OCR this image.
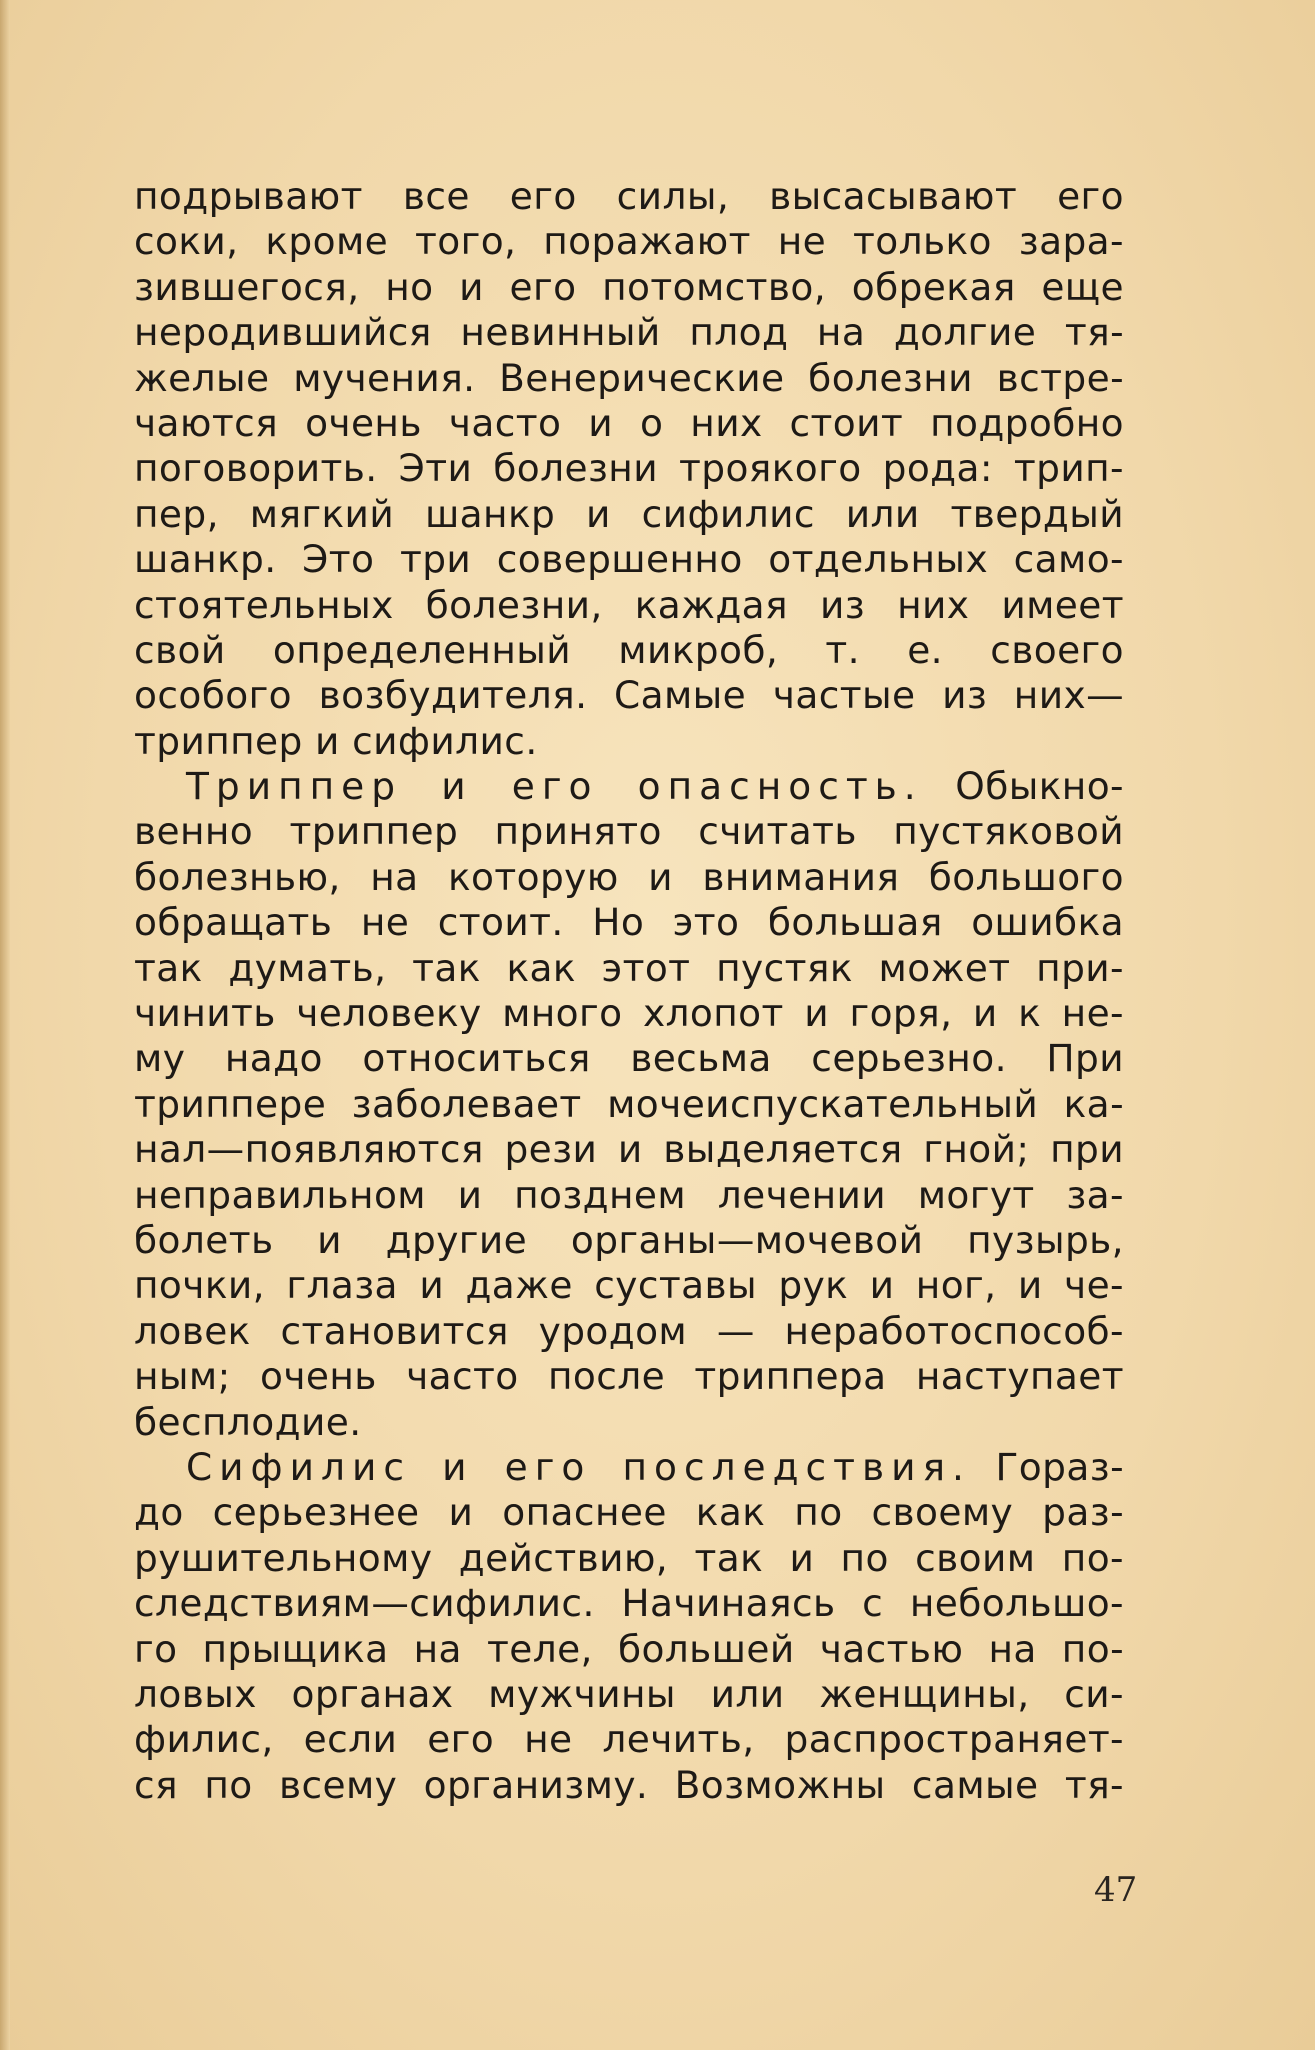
подрывают все его силы, высасывают его
соки, кроме того, поражают не только зара-
зившегося, но и его потомство, обрекая еще
неродившийся невинный плод на долгие тя-
желые мучения. Венерические болезни встре-
чаются очень часто и о них стоит подробно
поговорить. Эти болезни троякого рода: трип-
пер, мягкий шанкр и сифилис или твердый
шанкр. Это три совершенно отдельных само-
стоятельных болезни, каждая из них имеет
свой определенный микроб, т. е. своего
особого возбудителя. Самые частые из них—
триппер и сифилис.
Триппер и его опасность. Обыкно-
венно триппер принято считать пустяковой
болезнью, на которую и внимания большого
обращать не стоит. Но это большая ошибка
так думать, так как этот пустяк может при-
чинить человеку много хлопот и горя, и к не-
му надо относиться весьма серьезно. При
триппере заболевает мочеиспускательный ка-
нал—появляются рези и выделяется гной; при
неправильном и позднем лечении могут за-
болеть и другие органы—мочевой пузырь,
почки, глаза и даже суставы рук и ног, и че-
ловек становится уродом — неработоспособ-
ным; очень часто после триппера наступает
бесплодие.
Сифилис и его последствия. Гораз-
до серьезнее и опаснее как по своему раз-
рушительному действию, так и по своим по-
следствиям—сифилис. Начинаясь с небольшо-
го прыщика на теле, большей частью на по-
ловых органах мужчины или женщины, си-
филис, если его не лечить, распространяет-
ся по всему организму. Возможны самые тя-
47
